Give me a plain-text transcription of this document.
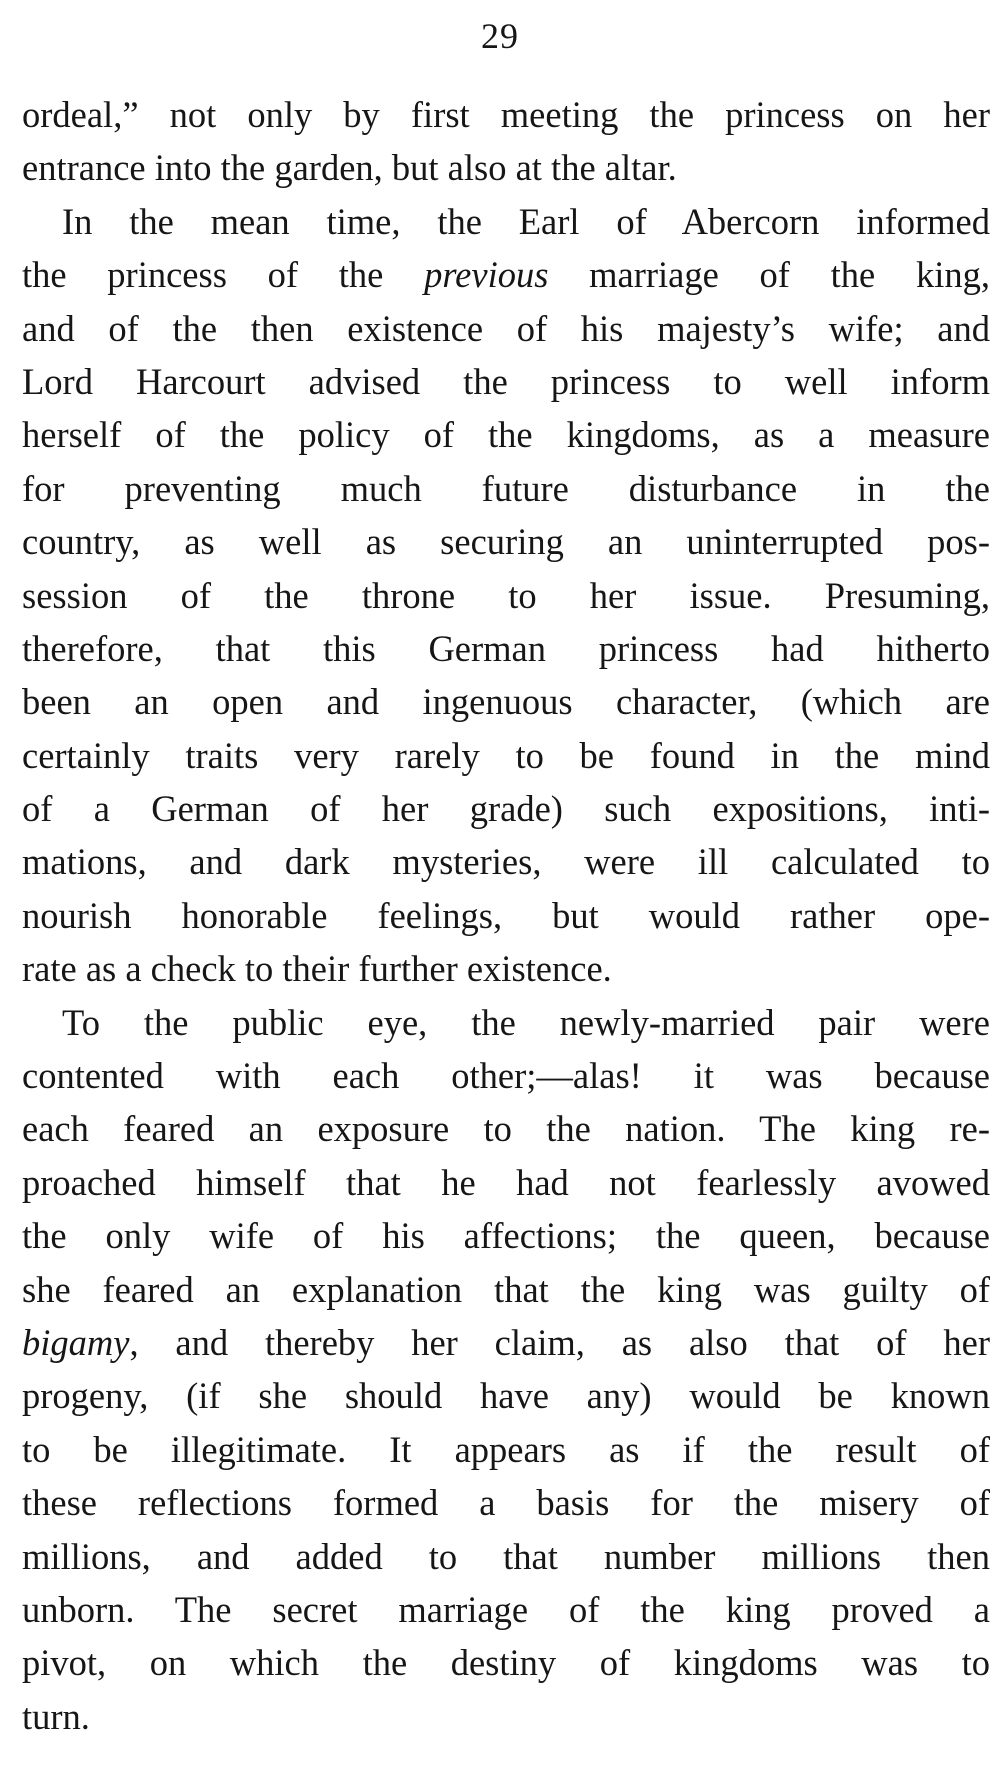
29
ordeal,” not only by first meeting the princess on her
entrance into the garden, but also at the altar.
In the mean time, the Earl of Abercorn informed
the princess of the previous marriage of the king,
and of the then existence of his majesty’s wife; and
Lord Harcourt advised the princess to well inform
herself of the policy of the kingdoms, as a measure
for preventing much future disturbance in the
country, as well as securing an uninterrupted pos-
session of the throne to her issue. Presuming,
therefore, that this German princess had hitherto
been an open and ingenuous character, (which are
certainly traits very rarely to be found in the mind
of a German of her grade) such expositions, inti-
mations, and dark mysteries, were ill calculated to
nourish honorable feelings, but would rather ope-
rate as a check to their further existence.
To the public eye, the newly-married pair were
contented with each other;—alas! it was because
each feared an exposure to the nation. The king re-
proached himself that he had not fearlessly avowed
the only wife of his affections; the queen, because
she feared an explanation that the king was guilty of
bigamy, and thereby her claim, as also that of her
progeny, (if she should have any) would be known
to be illegitimate. It appears as if the result of
these reflections formed a basis for the misery of
millions, and added to that number millions then
unborn. The secret marriage of the king proved a
pivot, on which the destiny of kingdoms was to
turn.
